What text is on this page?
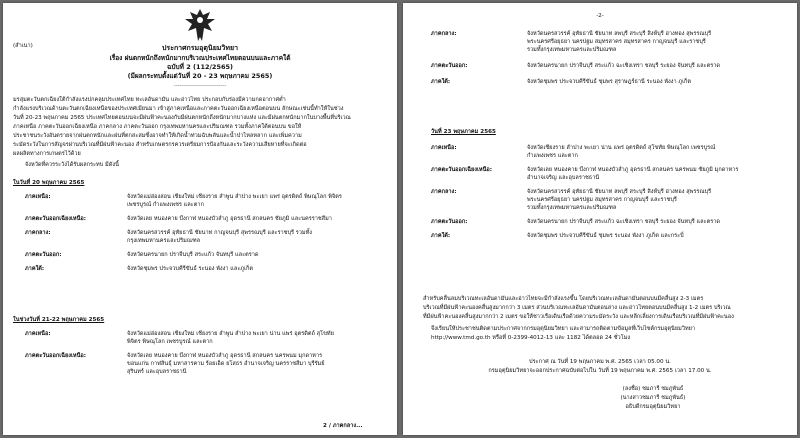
(สำเนา)	ประกาศกรมอุตุนิยมวิทยา
เรื่อง ฝนตกหนักถึงหนักมากบริเวณประเทศไทยตอนบนและภาคใต้
ฉบับที่ 2 (112/2565)
(มีผลกระทบตั้งแต่วันที่ 20 - 23 พฤษภาคม 2565)
--------------------------
มรสุมตะวันตกเฉียงใต้กำลังแรงปกคลุมประเทศไทย ทะเลอันดามัน และอ่าวไทย ประกอบกับร่องมีความกดอากาศต่ำ
กำลังแรงบริเวณด้านตะวันตกเฉียงเหนือของประเทศเมียนมา เข้าสู่ภาคเหนือและภาคตะวันออกเฉียงเหนือตอนบน ลักษณะเช่นนี้ทำให้ในช่วง
วันที่ 20-23 พฤษภาคม 2565 ประเทศไทยตอนบนจะมีฝนฟ้าคะนองกับมีฝนตกหนักถึงหนักมากบางแห่ง และมีฝนตกหนักมากในบางพื้นที่บริเวณ
ภาคเหนือ ภาคตะวันออกเฉียงเหนือ ภาคกลาง ภาคตะวันออก กรุงเทพมหานครและปริมณฑล รวมทั้งภาคใต้ตอนบน ขอให้
ประชาชนระวังอันตรายจากฝนตกหนักและฝนที่ตกสะสมซึ่งอาจทำให้เกิดน้ำท่วมฉับพลันและน้ำป่าไหลหลาก และเพิ่มความ
ระมัดระวังในการสัญจรผ่านบริเวณที่มีฝนฟ้าคะนอง สำหรับเกษตรกรควรเตรียมการป้องกันและระวังความเสียหายที่จะเกิดต่อ
ผลผลิตทางการเกษตรไว้ด้วย
จังหวัดที่ควรระวังได้รับผลกระทบ มีดังนี้
ในวันที่ 20 พฤษภาคม 2565
ภาคเหนือ:	จังหวัดแม่ฮ่องสอน เชียงใหม่ เชียงราย ลำพูน ลำปาง พะเยา แพร่ อุตรดิตถ์ พิษณุโลก พิจิตร
เพชรบูรณ์ กำแพงเพชร และตาก
ภาคตะวันออกเฉียงเหนือ:	จังหวัดเลย หนองคาย บึงกาฬ หนองบัวลำภู อุดรธานี สกลนคร ชัยภูมิ และนครราชสีมา
ภาคกลาง:	จังหวัดนครสวรรค์ อุทัยธานี ชัยนาท กาญจนบุรี สุพรรณบุรี และราชบุรี รวมทั้ง
กรุงเทพมหานครและปริมณฑล
ภาคตะวันออก:	จังหวัดนครนายก ปราจีนบุรี สระแก้ว จันทบุรี และตราด
ภาคใต้:	จังหวัดชุมพร ประจวบคีรีขันธ์ ระนอง พังงา และภูเก็ต
ในช่วงวันที่ 21-22 พฤษภาคม 2565
ภาคเหนือ:	จังหวัดแม่ฮ่องสอน เชียงใหม่ เชียงราย ลำพูน ลำปาง พะเยา น่าน แพร่ อุตรดิตถ์ สุโขทัย
พิจิตร พิษณุโลก เพชรบูรณ์ และตาก
ภาคตะวันออกเฉียงเหนือ:	จังหวัดเลย หนองคาย บึงกาฬ หนองบัวลำภู อุดรธานี สกลนคร นครพนม มุกดาหาร
ขอนแก่น กาฬสินธุ์ มหาสารคาม ร้อยเอ็ด ยโสธร อำนาจเจริญ นครราชสีมา บุรีรัมย์
สุรินทร์ และอุบลราชธานี
2 / ภาคกลาง...
-2-
ภาคกลาง:	จังหวัดนครสวรรค์ อุทัยธานี ชัยนาท ลพบุรี สระบุรี สิงห์บุรี อ่างทอง สุพรรณบุรี
พระนครศรีอยุธยา นครปฐม สมุทรสาคร สมุทรสาคร กาญจนบุรี และราชบุรี
รวมทั้งกรุงเทพมหานครและปริมณฑล
ภาคตะวันออก:	จังหวัดนครนายก ปราจีนบุรี สระแก้ว ฉะเชิงเทรา ชลบุรี ระยอง จันทบุรี และตราด
ภาคใต้:	จังหวัดชุมพร ประจวบคีรีขันธ์ ชุมพร สุราษฎร์ธานี ระนอง พังงา ภูเก็ต
วันที่ 23 พฤษภาคม 2565
ภาคเหนือ:	จังหวัดเชียงราย ลำปาง พะเยา น่าน แพร่ อุตรดิตถ์ สุโขทัย พิษณุโลก เพชรบูรณ์
กำแพงเพชร และตาก
ภาคตะวันออกเฉียงเหนือ:	จังหวัดเลย หนองคาย บึงกาฬ หนองบัวลำภู อุดรธานี สกลนคร นครพนม ชัยภูมิ มุกดาหาร
อำนาจเจริญ และอุบลราชธานี
ภาคกลาง:	จังหวัดนครสวรรค์ อุทัยธานี ชัยนาท ลพบุรี สระบุรี สิงห์บุรี อ่างทอง สุพรรณบุรี
พระนครศรีอยุธยา นครปฐม สมุทรสาคร กาญจนบุรี และราชบุรี
รวมทั้งกรุงเทพมหานครและปริมณฑล
ภาคตะวันออก:	จังหวัดนครนายก ปราจีนบุรี สระแก้ว ฉะเชิงเทรา ชลบุรี ระยอง จันทบุรี และตราด
ภาคใต้:	จังหวัดชุมพร ประจวบคีรีขันธ์ ชุมพร ระนอง พังงา ภูเก็ต และกระบี่
สำหรับคลื่นลมบริเวณทะเลอันดามันและอ่าวไทยจะมีกำลังแรงขึ้น โดยบริเวณทะเลอันดามันตอนบนมีคลื่นสูง 2-3 เมตร
บริเวณที่มีฝนฟ้าคะนองคลื่นสูงมากกว่า 3 เมตร ส่วนบริเวณทะเลอันดามันตอนล่าง และอ่าวไทยตอนบนมีคลื่นสูง 1-2 เมตร บริเวณ
ที่มีฝนฟ้าคะนองคลื่นสูงมากกว่า 2 เมตร ขอให้ชาวเรือเดินเรือด้วยความระมัดระวัง และหลีกเลี่ยงการเดินเรือบริเวณที่มีฝนฟ้าคะนอง
จึงเรียนให้ประชาชนติดตามประกาศจากกรมอุตุนิยมวิทยา และสามารถติดตามข้อมูลที่เว็บไซต์กรมอุตุนิยมวิทยา
http://www.tmd.go.th หรือที่ 0-2399-4012-13 และ 1182 ได้ตลอด 24 ชั่วโมง
ประกาศ ณ วันที่ 19 พฤษภาคม พ.ศ. 2565 เวลา 05.00 น.
กรมอุตุนิยมวิทยาจะออกประกาศฉบับต่อไปใน วันที่ 19 พฤษภาคม พ.ศ. 2565 เวลา 17.00 น.
(ลงชื่อ) ชมภารี ชมภูพันธ์
(นางสาวชมภารี ชมภูพันธ์)
อธิบดีกรมอุตุนิยมวิทยา
